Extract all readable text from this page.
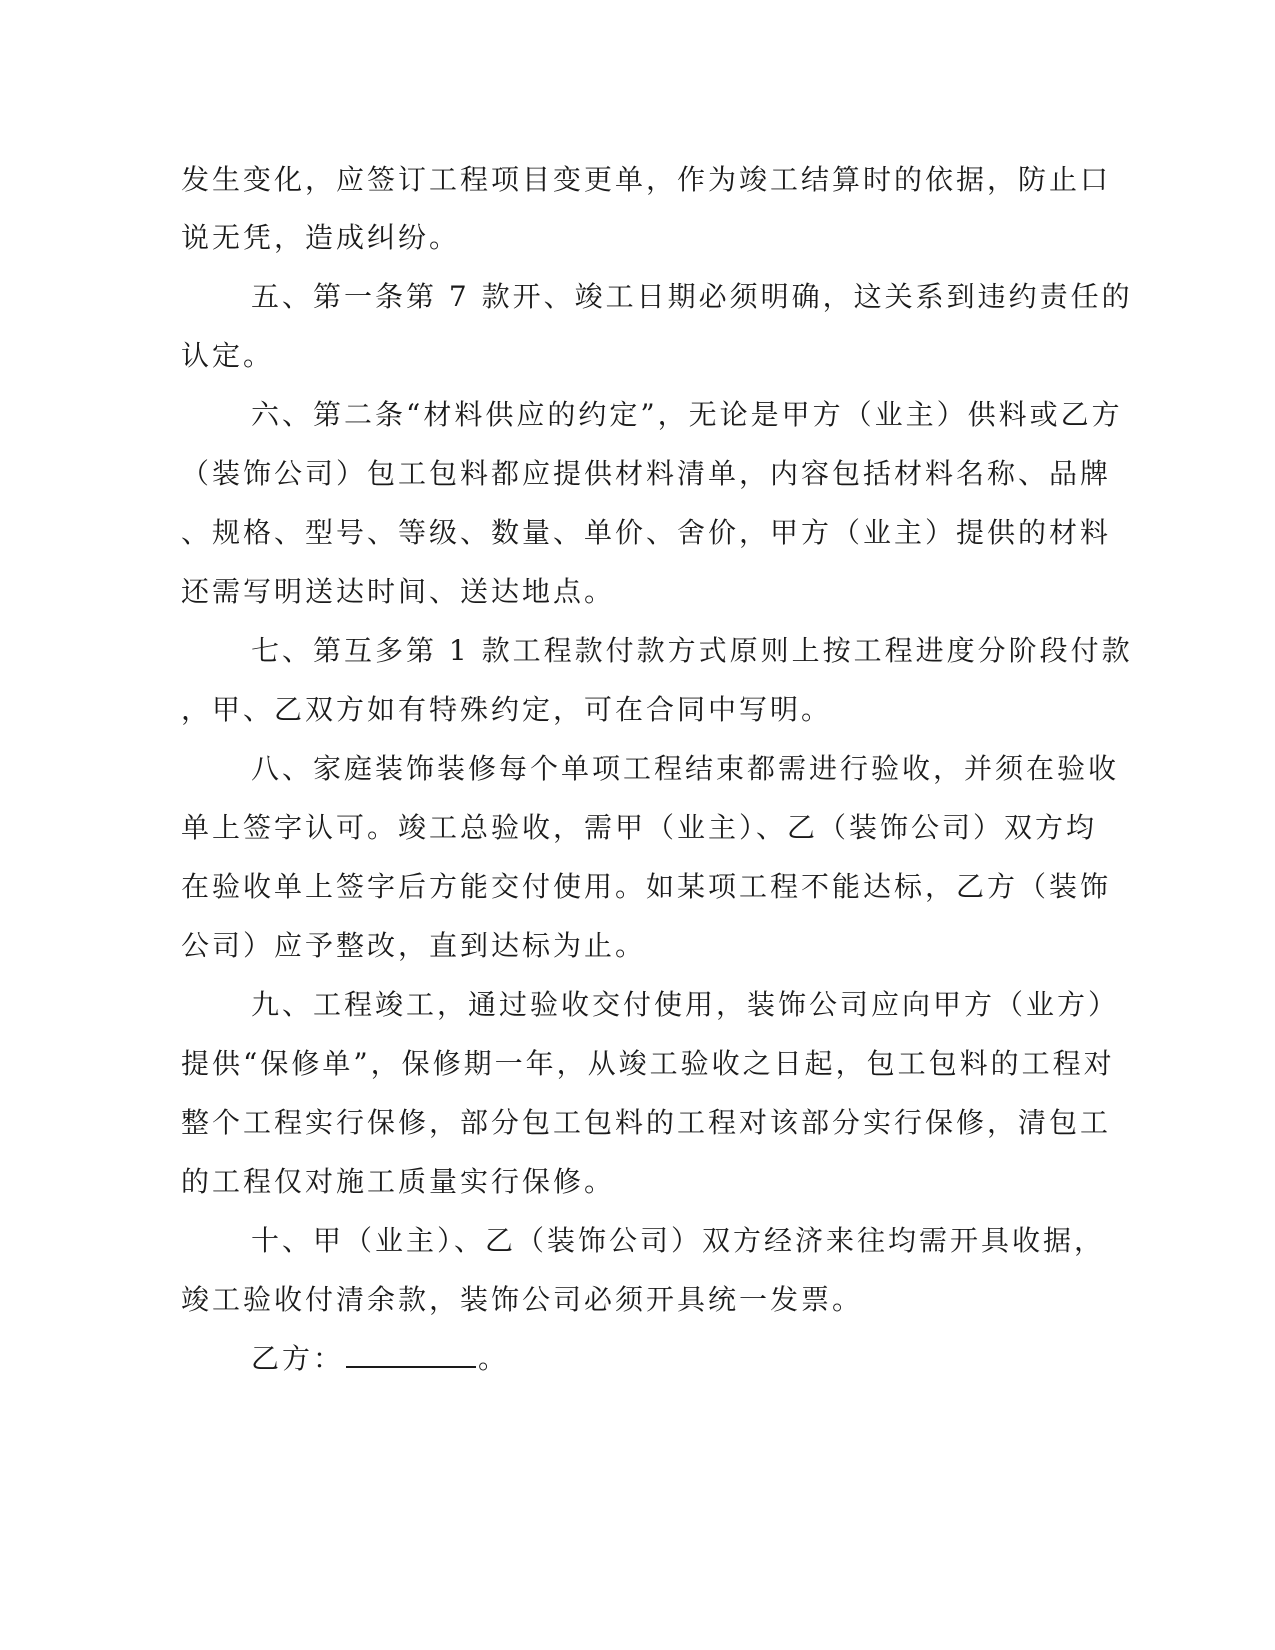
发生变化，应签订工程项目变更单，作为竣工结算时的依据，防止口
说无凭，造成纠纷。
五、第一条第 7 款开、竣工日期必须明确，这关系到违约责任的
认定。
六、第二条“材料供应的约定”，无论是甲方（业主）供料或乙方
（装饰公司）包工包料都应提供材料清单，内容包括材料名称、品牌
、规格、型号、等级、数量、单价、舍价，甲方（业主）提供的材料
还需写明送达时间、送达地点。
七、第互多第 1 款工程款付款方式原则上按工程进度分阶段付款
，甲、乙双方如有特殊约定，可在合同中写明。
八、家庭装饰装修每个单项工程结束都需进行验收，并须在验收
单上签字认可。竣工总验收，需甲（业主）、乙（装饰公司）双方均
在验收单上签字后方能交付使用。如某项工程不能达标，乙方（装饰
公司）应予整改，直到达标为止。
九、工程竣工，通过验收交付使用，装饰公司应向甲方（业方）
提供“保修单”，保修期一年，从竣工验收之日起，包工包料的工程对
整个工程实行保修，部分包工包料的工程对该部分实行保修，清包工
的工程仅对施工质量实行保修。
十、甲（业主）、乙（装饰公司）双方经济来往均需开具收据，
竣工验收付清余款，装饰公司必须开具统一发票。
乙方：	。
